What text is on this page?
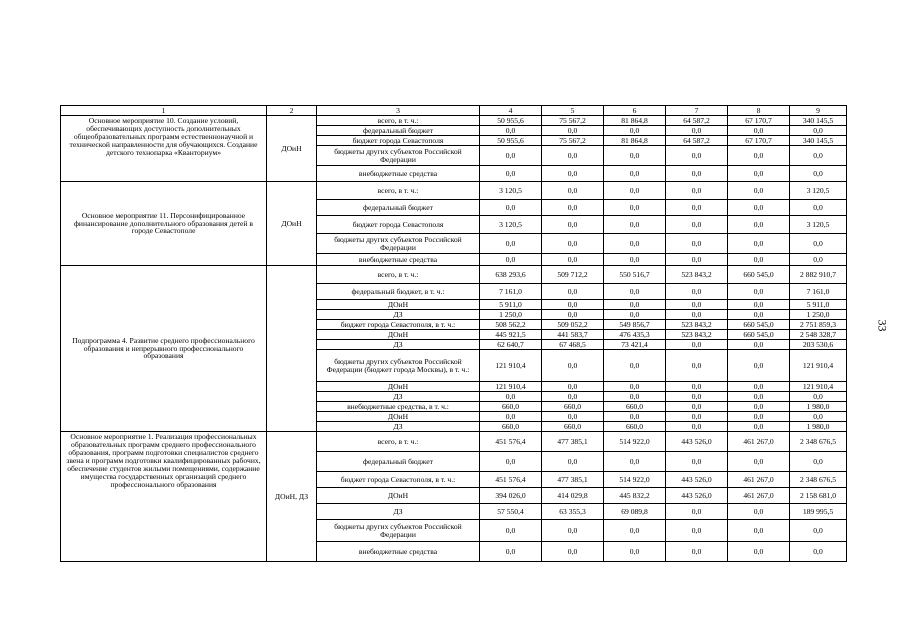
1	2	3	4	5	6	7	8	9
Основное мероприятие 10. Создание условий, обеспечивающих доступность дополнительных общеобразовательных программ естественнонаучной и технической направленности для обучающихся. Создание детского технопарка «Кванториум»	ДОиН	всего, в т. ч.:	50 955,6	75 567,2	81 864,8	64 587,2	67 170,7	340 145,5
		федеральный бюджет	0,0	0,0	0,0	0,0	0,0	0,0
		бюджет города Севастополя	50 955,6	75 567,2	81 864,8	64 587,2	67 170,7	340 145,5
		бюджеты других субъектов Российской Федерации	0,0	0,0	0,0	0,0	0,0	0,0
		внебюджетные средства	0,0	0,0	0,0	0,0	0,0	0,0
Основное мероприятие 11. Персонифицированное финансирование дополнительного образования детей в городе Севастополе	ДОиН	всего, в т. ч.:	3 120,5	0,0	0,0	0,0	0,0	3 120,5
		федеральный бюджет	0,0	0,0	0,0	0,0	0,0	0,0
		бюджет города Севастополя	3 120,5	0,0	0,0	0,0	0,0	3 120,5
		бюджеты других субъектов Российской Федерации	0,0	0,0	0,0	0,0	0,0	0,0
		внебюджетные средства	0,0	0,0	0,0	0,0	0,0	0,0
Подпрограмма 4. Развитие среднего профессионального образования и непрерывного профессионального образования		всего, в т. ч.:	638 293,6	509 712,2	550 516,7	523 843,2	660 545,0	2 882 910,7
		федеральный бюджет, в т. ч.:	7 161,0	0,0	0,0	0,0	0,0	7 161,0
		ДОиН	5 911,0	0,0	0,0	0,0	0,0	5 911,0
		ДЗ	1 250,0	0,0	0,0	0,0	0,0	1 250,0
		бюджет города Севастополя, в т. ч.:	508 562,2	509 052,2	549 856,7	523 843,2	660 545,0	2 751 859,3
		ДОиН	445 921,5	441 583,7	476 435,3	523 843,2	660 545,0	2 548 328,7
		ДЗ	62 640,7	67 468,5	73 421,4	0,0	0,0	203 530,6
		бюджеты других субъектов Российской Федерации (бюджет города Москвы), в т. ч.:	121 910,4	0,0	0,0	0,0	0,0	121 910,4
		ДОиН	121 910,4	0,0	0,0	0,0	0,0	121 910,4
		ДЗ	0,0	0,0	0,0	0,0	0,0	0,0
		внебюджетные средства, в т. ч.:	660,0	660,0	660,0	0,0	0,0	1 980,0
		ДОиН	0,0	0,0	0,0	0,0	0,0	0,0
		ДЗ	660,0	660,0	660,0	0,0	0,0	1 980,0
Основное мероприятие 1. Реализация профессиональных образовательных программ среднего профессионального образования, программ подготовки специалистов среднего звена и программ подготовки квалифицированных рабочих, обеспечение студентов жилыми помещениями, содержание имущества государственных организаций среднего профессионального образования	ДОиН, ДЗ	всего, в т. ч.:	451 576,4	477 385,1	514 922,0	443 526,0	461 267,0	2 348 676,5
		федеральный бюджет	0,0	0,0	0,0	0,0	0,0	0,0
		бюджет города Севастополя, в т. ч.:	451 576,4	477 385,1	514 922,0	443 526,0	461 267,0	2 348 676,5
		ДОиН	394 026,0	414 029,8	445 832,2	443 526,0	461 267,0	2 158 681,0
		ДЗ	57 550,4	63 355,3	69 089,8	0,0	0,0	189 995,5
		бюджеты других субъектов Российской Федерации	0,0	0,0	0,0	0,0	0,0	0,0
		внебюджетные средства	0,0	0,0	0,0	0,0	0,0	0,0
33
